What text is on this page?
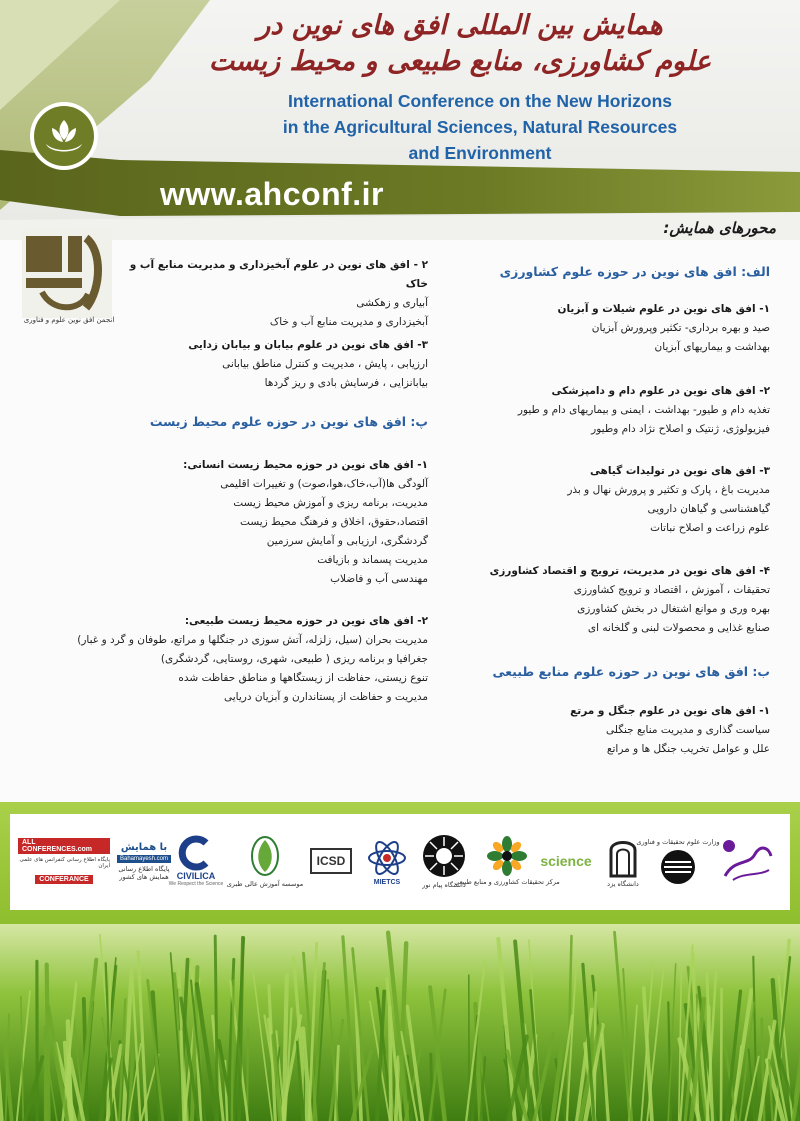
همایش بین المللی افق های نوین در
علوم کشاورزی، منابع طبیعی و محیط زیست
International Conference on the New Horizons
in the Agricultural Sciences, Natural Resources
and Environment
www.ahconf.ir
انجمن افق نوین علوم و فناوری
محورهای همایش:
الف: افق های نوین در حوزه علوم کشاورزی
۱- افق های نوین در علوم شیلات و آبزیان
صید و بهره برداری- تکثیر وپرورش آبزیان
بهداشت و بیماریهای آبزیان
۲- افق های نوین در علوم دام و دامپزشکی
تغذیه دام و طیور- بهداشت ، ایمنی و بیماریهای دام و طیور
فیزیولوژی، ژنتیک و اصلاح نژاد دام وطیور
۳- افق های نوین در تولیدات گیاهی
مدیریت باغ ، پارک و تکثیر و پرورش نهال و بذر
گیاهشناسی و گیاهان دارویی
علوم زراعت و اصلاح نباتات
۴- افق های نوین در مدیریت، ترویج و اقتصاد کشاورزی
تحقیقات ، آموزش ، اقتصاد و ترویج کشاورزی
بهره وری و موانع اشتغال در بخش کشاورزی
صنایع غذایی و محصولات لبنی و گلخانه ای
ب: افق های نوین در حوزه علوم منابع طبیعی
۱- افق های نوین در علوم جنگل و مرتع
سیاست گذاری و مدیریت منابع جنگلی
علل و عوامل تخریب جنگل ها و مراتع
۲ - افق های نوین در علوم آبخیزداری و مدیریت منابع آب و خاک
آبیاری و زهکشی
آبخیزداری و مدیریت منابع آب و خاک
۳- افق های نوین در علوم بیابان و بیابان زدایی
ارزیابی ، پایش ، مدیریت و کنترل مناطق بیابانی
بیابانزایی ، فرسایش بادی و ریز گردها
پ: افق های نوین در حوزه علوم محیط زیست
۱- افق های نوین در حوزه محیط زیست انسانی:
آلودگی ها(آب،خاک،هوا،صوت) و تغییرات اقلیمی
مدیریت، برنامه ریزی و آموزش محیط زیست
اقتصاد،حقوق، اخلاق و فرهنگ محیط زیست
گردشگری، ارزیابی و آمایش سرزمین
مدیریت پسماند و بازیافت
مهندسی آب و فاضلاب
۲- افق های نوین در حوزه محیط زیست طبیعی:
مدیریت بحران (سیل، زلزله، آتش سوزی در جنگلها و مراتع، طوفان و گرد و غبار)
جغرافیا و برنامه ریزی ( طبیعی، شهری، روستایی، گردشگری)
تنوع زیستی، حفاظت از زیستگاهها و مناطق حفاظت شده
مدیریت و حفاظت از پستاندارن و آبزیان دریایی
ALL CONFERENCES.com
پایگاه اطلاع رسانی کنفرانس های علمی ایران
CONFERANCE
با همایش
Bahamayesh.com
پایگاه اطلاع رسانی
همایش های کشور CIVILICA
We Respect the Science موسسه آموزش عالی طبری
ICSD
MIETCS	دانشگاه پیام نور
مرکز تحقیقات کشاورزی و منابع طبیعی
science
دانشگاه یزد
وزارت علوم تحقیقات و فناوری
